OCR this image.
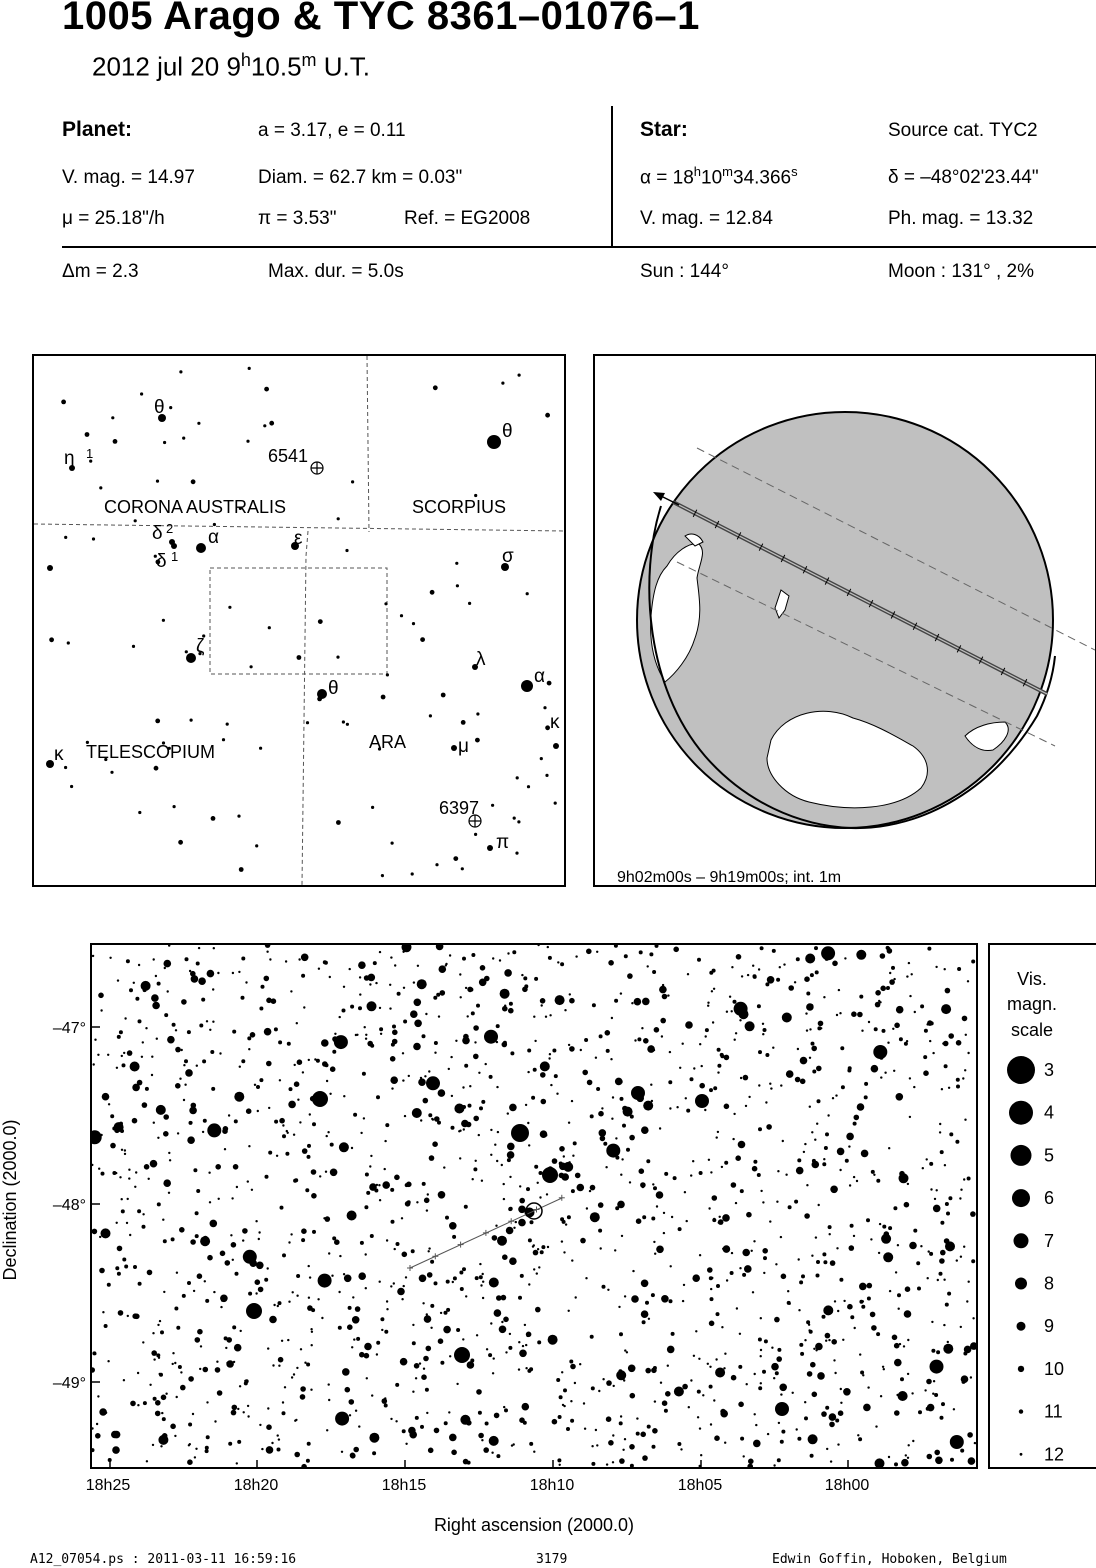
1005 Arago & TYC 8361–01076–1
2012 jul 20 9$^h$10.5$^m$ U.T.
Planet:	a = 3.17, e = 0.11
V. mag. = 14.97	Diam. = 62.7 km = 0.03"
μ = 25.18"/h	π = 3.53"	Ref. = EG2008
Star:	Source cat. TYC2
$\alpha = 18^h10^m34.366^s$	δ = –48°02'23.44"
V. mag. = 12.84	Ph. mag. = 13.32
Δm = 2.3	Max. dur. = 5.0s	Sun : 144°	Moon : 131° , 2%
CORONA AUSTRALIS	SCORPIUS
TELESCOPIUM	ARA
6541
6397
θ
η
δ
δ
α	ε
θ
σ
ζ
λ
α
θ
κ
κ	μ
π
1
2
1
9h02m00s – 9h19m00s; int. 1m
–47°
–48°
–49°
18h25	18h20	18h15	18h10	18h05	18h00
Right ascension (2000.0)
Declination (2000.0)
Vis.
magn.
scale
3
4
5
6
7
8
9
10
11
12
A12_07054.ps : 2011-03-11 16:59:16	3179	Edwin Goffin, Hoboken, Belgium
